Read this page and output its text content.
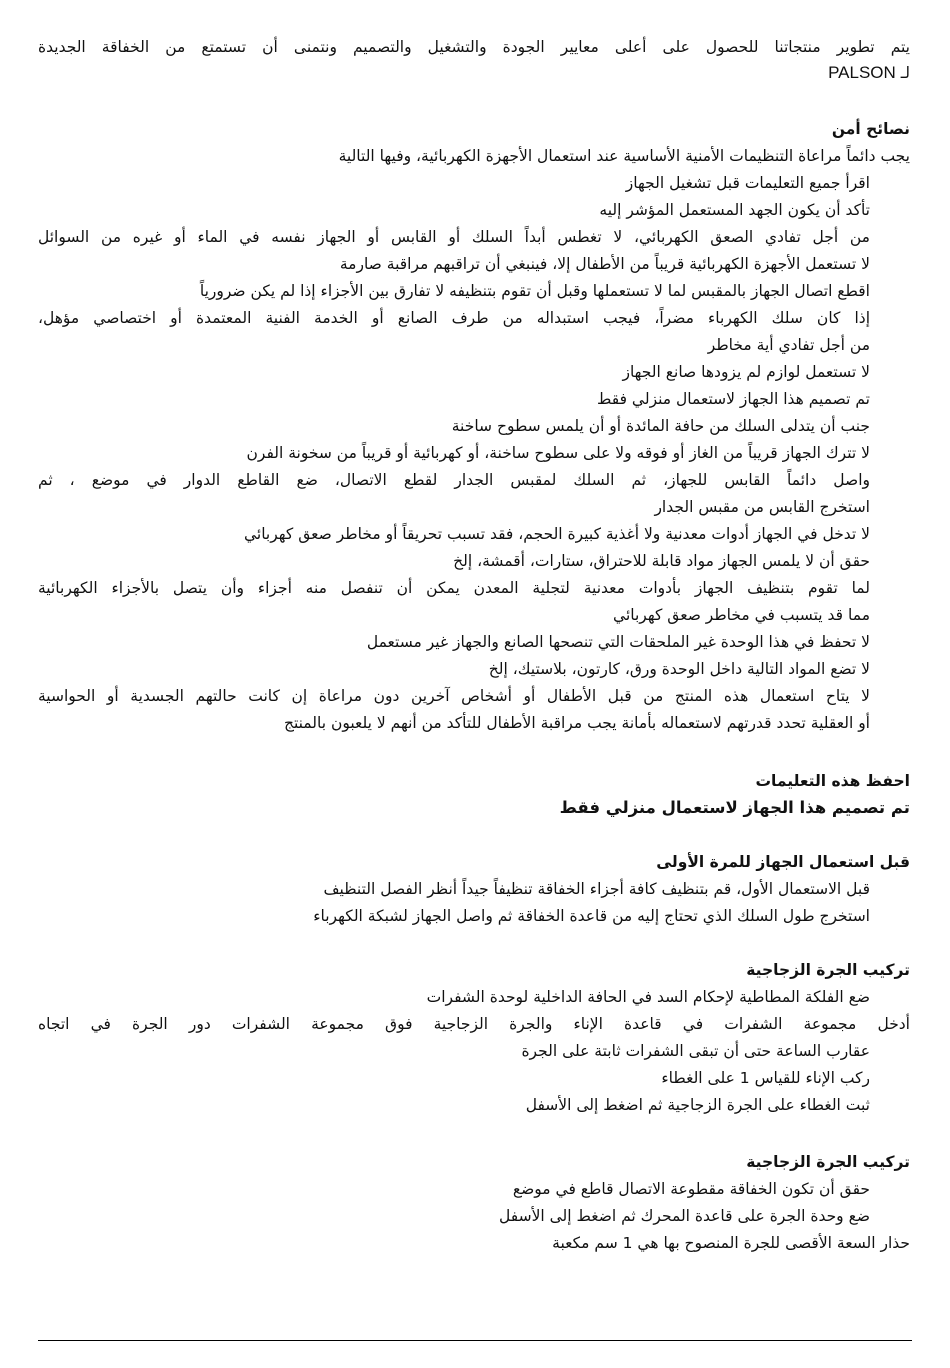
يتم تطوير منتجاتنا للحصول على أعلى معايير الجودة والتشغيل والتصميم ونتمنى أن تستمتع من الخفاقة الجديدة
لـ PALSON
نصائح أمن
يجب دائماً مراعاة التنظيمات الأمنية الأساسية عند استعمال الأجهزة الكهربائية، وفيها التالية
اقرأ جميع التعليمات قبل تشغيل الجهاز
تأكد أن يكون الجهد المستعمل المؤشر إليه
من أجل تفادي الصعق الكهربائي، لا تغطس أبداً السلك أو القابس أو الجهاز نفسه في الماء أو غيره من السوائل
لا تستعمل الأجهزة الكهربائية قريباً من الأطفال إلا، فينبغي أن تراقبهم مراقبة صارمة
اقطع اتصال الجهاز بالمقبس لما لا تستعملها وقبل أن تقوم بتنظيفه لا تفارق بين الأجزاء إذا لم يكن ضرورياً
إذا كان سلك الكهرباء مضراً، فيجب استبداله من طرف الصانع أو الخدمة الفنية المعتمدة أو اختصاصي مؤهل،
من أجل تفادي أية مخاطر
لا تستعمل لوازم لم يزودها صانع الجهاز
تم تصميم هذا الجهاز لاستعمال منزلي فقط
جنب أن يتدلى السلك من حافة المائدة أو أن يلمس سطوح ساخنة
لا تترك الجهاز قريباً من الغاز أو فوقه ولا على سطوح ساخنة، أو كهربائية أو قريباً من سخونة الفرن
واصل دائماً القابس للجهاز، ثم السلك لمقبس الجدار لقطع الاتصال، ضع القاطع الدوار في موضع ، ثم
استخرج القابس من مقبس الجدار
لا تدخل في الجهاز أدوات معدنية ولا أغذية كبيرة الحجم، فقد تسبب تحريقاً أو مخاطر صعق كهربائي
حقق أن لا يلمس الجهاز مواد قابلة للاحتراق، ستارات، أقمشة، إلخ
لما تقوم بتنظيف الجهاز بأدوات معدنية لتجلية المعدن يمكن أن تنفصل منه أجزاء وأن يتصل بالأجزاء الكهربائية
مما قد يتسبب في مخاطر صعق كهربائي
لا تحفظ في هذا الوحدة غير الملحقات التي تنصحها الصانع والجهاز غير مستعمل
لا تضع المواد التالية داخل الوحدة ورق، كارتون، بلاستيك، إلخ
لا يتاح استعمال هذه المنتج من قبل الأطفال أو أشخاص آخرين دون مراعاة إن كانت حالتهم الجسدية أو الحواسية
أو العقلية تحدد قدرتهم لاستعماله بأمانة يجب مراقبة الأطفال للتأكد من أنهم لا يلعبون بالمنتج
احفظ هذه التعليمات
تم تصميم هذا الجهاز لاستعمال منزلي فقط
قبل استعمال الجهاز للمرة الأولى
قبل الاستعمال الأول، قم بتنظيف كافة أجزاء الخفاقة تنظيفاً جيداً أنظر الفصل التنظيف
استخرج طول السلك الذي تحتاج إليه من قاعدة الخفاقة ثم واصل الجهاز لشبكة الكهرباء
تركيب الجرة الزجاجية
ضع الفلكة المطاطية لإحكام السد في الحافة الداخلية لوحدة الشفرات
أدخل مجموعة الشفرات في قاعدة الإناء والجرة الزجاجية فوق مجموعة الشفرات دور الجرة في اتجاه
عقارب الساعة حتى أن تبقى الشفرات ثابتة على الجرة
ركب الإناء للقياس 1 على الغطاء
ثبت الغطاء على الجرة الزجاجية ثم اضغط إلى الأسفل
تركيب الجرة الزجاجية
حقق أن تكون الخفاقة مقطوعة الاتصال قاطع في موضع
ضع وحدة الجرة على قاعدة المحرك ثم اضغط إلى الأسفل
حذار السعة الأقصى للجرة المنصوح بها هي 1 سم مكعبة
